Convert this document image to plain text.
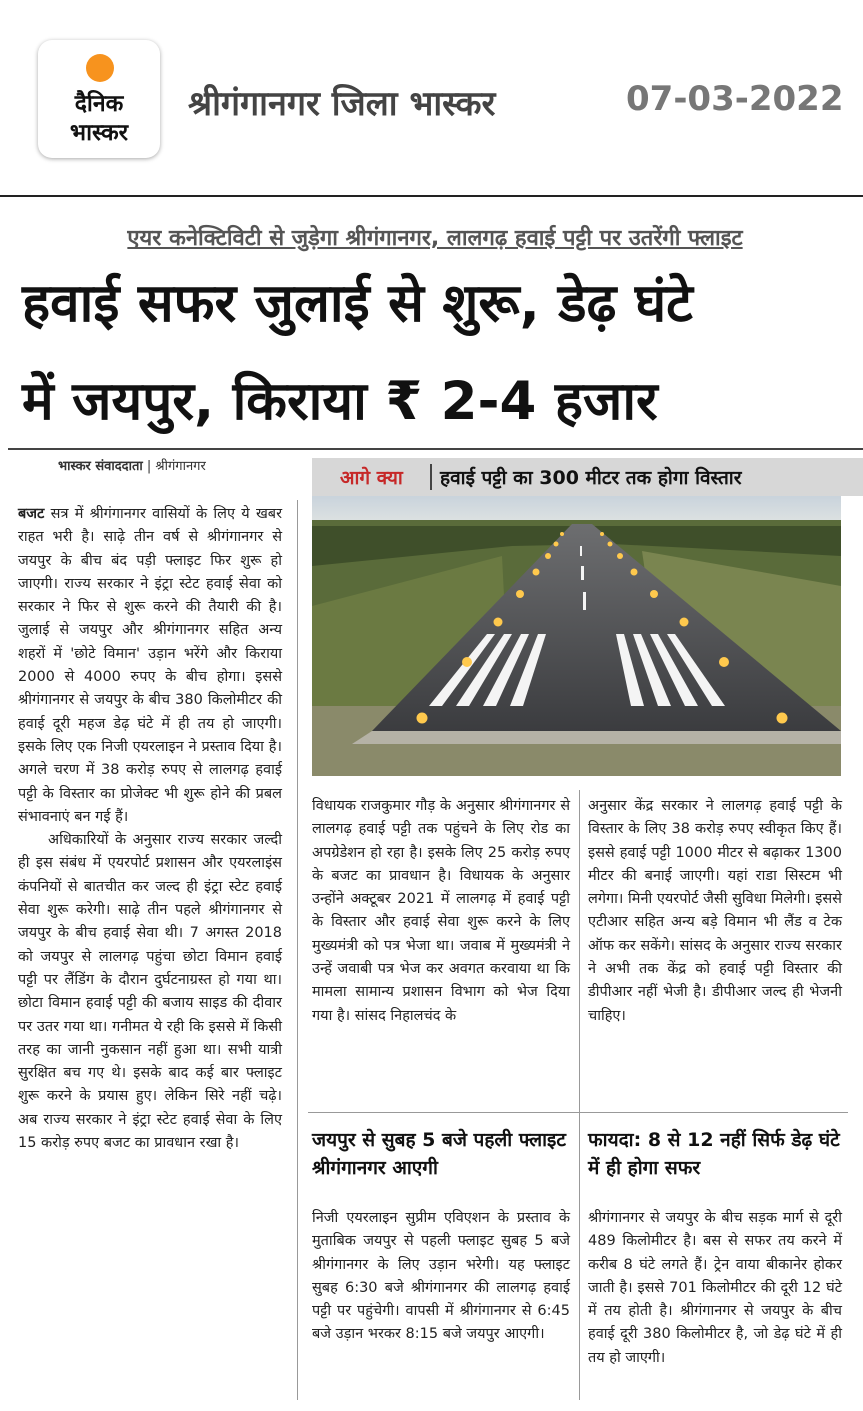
दैनिक
भास्कर
श्रीगंगानगर जिला भास्कर	07-03-2022
एयर कनेक्टिविटी से जुड़ेगा श्रीगंगानगर, लालगढ़ हवाई पट्टी पर उतरेंगी फ्लाइट
हवाई सफर जुलाई से शुरू, डेढ़ घंटे
में जयपुर, किराया ₹ 2-4 हजार
भास्कर संवाददाता | श्रीगंगानगर
आगे क्या हवाई पट्टी का 300 मीटर तक होगा विस्तार

बजट सत्र में श्रीगंगानगर वासियों के लिए ये खबर राहत भरी है। साढ़े तीन वर्ष से श्रीगंगानगर से जयपुर के बीच बंद पड़ी फ्लाइट फिर शुरू हो जाएगी। राज्य सरकार ने इंट्रा स्टेट हवाई सेवा को सरकार ने फिर से शुरू करने की तैयारी की है। जुलाई से जयपुर और श्रीगंगानगर सहित अन्य शहरों में 'छोटे विमान' उड़ान भरेंगे और किराया 2000 से 4000 रुपए के बीच होगा। इससे श्रीगंगानगर से जयपुर के बीच 380 किलोमीटर की हवाई दूरी महज डेढ़ घंटे में ही तय हो जाएगी। इसके लिए एक निजी एयरलाइन ने प्रस्ताव दिया है। अगले चरण में 38 करोड़ रुपए से लालगढ़ हवाई पट्टी के विस्तार का प्रोजेक्ट भी शुरू होने की प्रबल संभावनाएं बन गई हैं।

अधिकारियों के अनुसार राज्य सरकार जल्दी ही इस संबंध में एयरपोर्ट प्रशासन और एयरलाइंस कंपनियों से बातचीत कर जल्द ही इंट्रा स्टेट हवाई सेवा शुरू करेगी। साढ़े तीन पहले श्रीगंगानगर से जयपुर के बीच हवाई सेवा थी। 7 अगस्त 2018 को जयपुर से लालगढ़ पहुंचा छोटा विमान हवाई पट्टी पर लैंडिंग के दौरान दुर्घटनाग्रस्त हो गया था। छोटा विमान हवाई पट्टी की बजाय साइड की दीवार पर उतर गया था। गनीमत ये रही कि इससे में किसी तरह का जानी नुकसान नहीं हुआ था। सभी यात्री सुरक्षित बच गए थे। इसके बाद कई बार फ्लाइट शुरू करने के प्रयास हुए। लेकिन सिरे नहीं चढ़े। अब राज्य सरकार ने इंट्रा स्टेट हवाई सेवा के लिए 15 करोड़ रुपए बजट का प्रावधान रखा है।

विधायक राजकुमार गौड़ के अनुसार श्रीगंगानगर से लालगढ़ हवाई पट्टी तक पहुंचने के लिए रोड का अपग्रेडेशन हो रहा है। इसके लिए 25 करोड़ रुपए के बजट का प्रावधान है। विधायक के अनुसार उन्होंने अक्टूबर 2021 में लालगढ़ में हवाई पट्टी के विस्तार और हवाई सेवा शुरू करने के लिए मुख्यमंत्री को पत्र भेजा था। जवाब में मुख्यमंत्री ने उन्हें जवाबी पत्र भेज कर अवगत करवाया था कि मामला सामान्य प्रशासन विभाग को भेज दिया गया है। सांसद निहालचंद के

अनुसार केंद्र सरकार ने लालगढ़ हवाई पट्टी के विस्तार के लिए 38 करोड़ रुपए स्वीकृत किए हैं। इससे हवाई पट्टी 1000 मीटर से बढ़ाकर 1300 मीटर की बनाई जाएगी। यहां राडा सिस्टम भी लगेगा। मिनी एयरपोर्ट जैसी सुविधा मिलेगी। इससे एटीआर सहित अन्य बड़े विमान भी लैंड व टेक ऑफ कर सकेंगे। सांसद के अनुसार राज्य सरकार ने अभी तक केंद्र को हवाई पट्टी विस्तार की डीपीआर नहीं भेजी है। डीपीआर जल्द ही भेजनी चाहिए।

जयपुर से सुबह 5 बजे पहली फ्लाइट श्रीगंगानगर आएगी
फायदा: 8 से 12 नहीं सिर्फ डेढ़ घंटे में ही होगा सफर

निजी एयरलाइन सुप्रीम एविएशन के प्रस्ताव के मुताबिक जयपुर से पहली फ्लाइट सुबह 5 बजे श्रीगंगानगर के लिए उड़ान भरेगी। यह फ्लाइट सुबह 6:30 बजे श्रीगंगानगर की लालगढ़ हवाई पट्टी पर पहुंचेगी। वापसी में श्रीगंगानगर से 6:45 बजे उड़ान भरकर 8:15 बजे जयपुर आएगी।

श्रीगंगानगर से जयपुर के बीच सड़क मार्ग से दूरी 489 किलोमीटर है। बस से सफर तय करने में करीब 8 घंटे लगते हैं। ट्रेन वाया बीकानेर होकर जाती है। इससे 701 किलोमीटर की दूरी 12 घंटे में तय होती है। श्रीगंगानगर से जयपुर के बीच हवाई दूरी 380 किलोमीटर है, जो डेढ़ घंटे में ही तय हो जाएगी।
